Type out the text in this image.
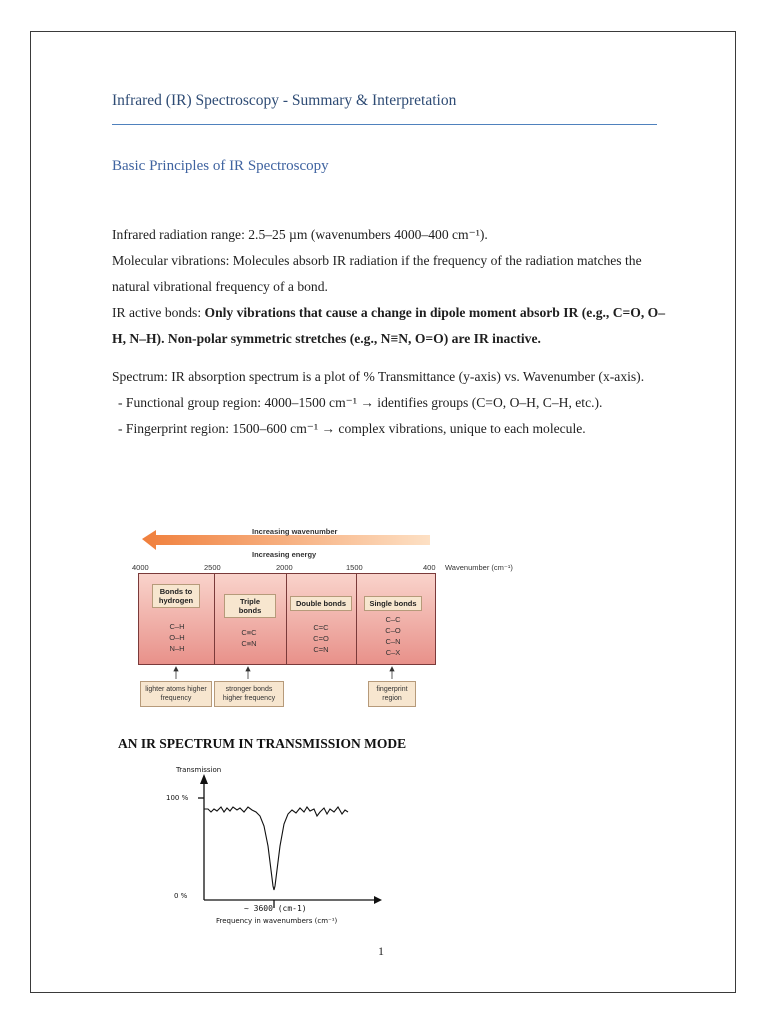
Infrared (IR) Spectroscopy - Summary & Interpretation
Basic Principles of IR Spectroscopy

Infrared radiation range: 2.5–25 µm (wavenumbers 4000–400 cm⁻¹).

Molecular vibrations: Molecules absorb IR radiation if the frequency of the radiation matches the natural vibrational frequency of a bond.

IR active bonds: Only vibrations that cause a change in dipole moment absorb IR (e.g., C=O, O–H, N–H). Non-polar symmetric stretches (e.g., N≡N, O=O) are IR inactive.

Spectrum: IR absorption spectrum is a plot of % Transmittance (y-axis) vs. Wavenumber (x-axis).

- Functional group region: 4000–1500 cm⁻¹ → identifies groups (C=O, O–H, C–H, etc.).

- Fingerprint region: 1500–600 cm⁻¹ → complex vibrations, unique to each molecule.

Increasing wavenumber
Increasing energy
4000	2500	2000	1500	400 Wavenumber (cm⁻¹)
Bonds to hydrogen	Triple bonds
Double bonds	Single bonds
C–H
O–H
N–H
C≡C
C≡N
C=C
C=O
C=N
C–C
C–O
C–N
C–X
lighter atoms higher frequency
stronger bonds higher frequency
fingerprint region
AN IR SPECTRUM IN TRANSMISSION MODE
Transmission
100 %
0 %
~ 3600 (cm-1)
Frequency in wavenumbers (cm⁻¹)
1
